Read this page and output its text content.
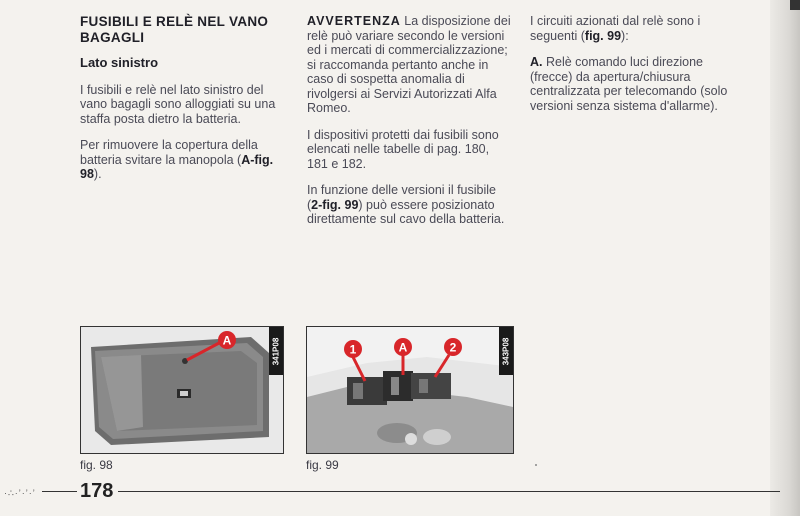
FUSIBILI E RELÈ NEL VANO BAGAGLI
Lato sinistro

I fusibili e relè nel lato sinistro del vano bagagli sono alloggiati su una staffa posta dietro la batteria.

Per rimuovere la copertura della batteria svitare la manopola (A-fig. 98).

AVVERTENZA La disposizione dei relè può variare secondo le versioni ed i mercati di commercializzazione; si raccomanda pertanto anche in caso di sospetta anomalia di rivolgersi ai Servizi Autorizzati Alfa Romeo.

I dispositivi protetti dai fusibili sono elencati nelle tabelle di pag. 180, 181 e 182.

In funzione delle versioni il fusibile (2-fig. 99) può essere posizionato direttamente sul cavo della batteria.

I circuiti azionati dal relè sono i seguenti (fig. 99):

A. Relè comando luci direzione (frecce) da apertura/chiusura centralizzata per telecomando (solo versioni senza sistema d'allarme).

A	341P08
fig. 98
1	A	2	343P08
fig. 99
·∴·’·’·’ 178
